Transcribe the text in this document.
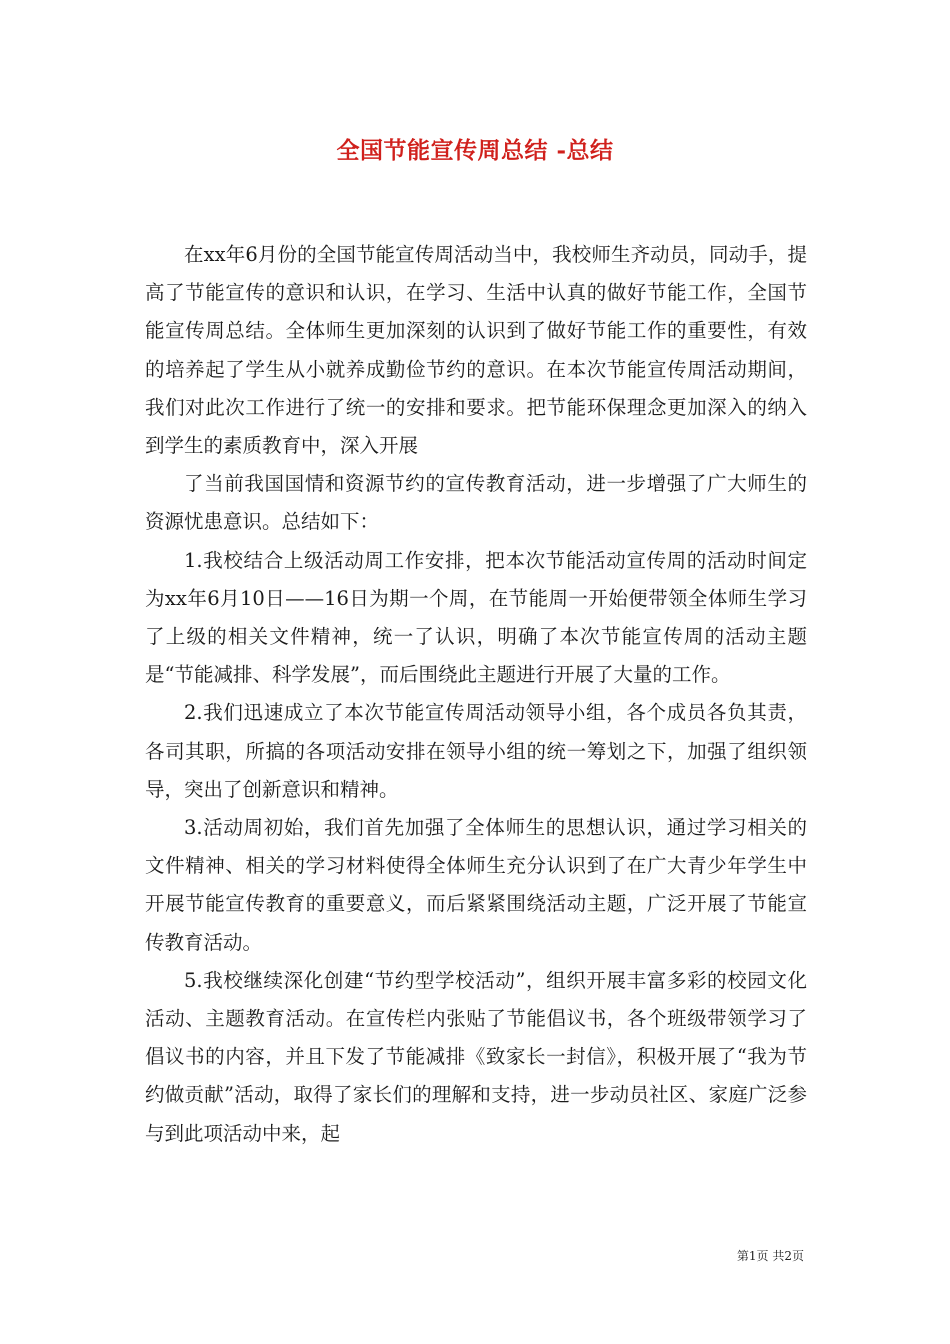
全国节能宣传周总结 -总结

在xx年6月份的全国节能宣传周活动当中，我校师生齐动员，同动手，提高了节能宣传的意识和认识，在学习、生活中认真的做好节能工作，全国节能宣传周总结。全体师生更加深刻的认识到了做好节能工作的重要性，有效的培养起了学生从小就养成勤俭节约的意识。在本次节能宣传周活动期间，我们对此次工作进行了统一的安排和要求。把节能环保理念更加深入的纳入到学生的素质教育中，深入开展

了当前我国国情和资源节约的宣传教育活动，进一步增强了广大师生的资源忧患意识。总结如下：

1.我校结合上级活动周工作安排，把本次节能活动宣传周的活动时间定为xx年6月10日——16日为期一个周，在节能周一开始便带领全体师生学习了上级的相关文件精神，统一了认识，明确了本次节能宣传周的活动主题是“节能减排、科学发展”，而后围绕此主题进行开展了大量的工作。

2.我们迅速成立了本次节能宣传周活动领导小组，各个成员各负其责，各司其职，所搞的各项活动安排在领导小组的统一筹划之下，加强了组织领导，突出了创新意识和精神。

3.活动周初始，我们首先加强了全体师生的思想认识，通过学习相关的文件精神、相关的学习材料使得全体师生充分认识到了在广大青少年学生中开展节能宣传教育的重要意义，而后紧紧围绕活动主题，广泛开展了节能宣传教育活动。

5.我校继续深化创建“节约型学校活动”，组织开展丰富多彩的校园文化活动、主题教育活动。在宣传栏内张贴了节能倡议书，各个班级带领学习了倡议书的内容，并且下发了节能减排《致家长一封信》，积极开展了“我为节约做贡献”活动，取得了家长们的理解和支持，进一步动员社区、家庭广泛参与到此项活动中来，起

第1页 共2页
